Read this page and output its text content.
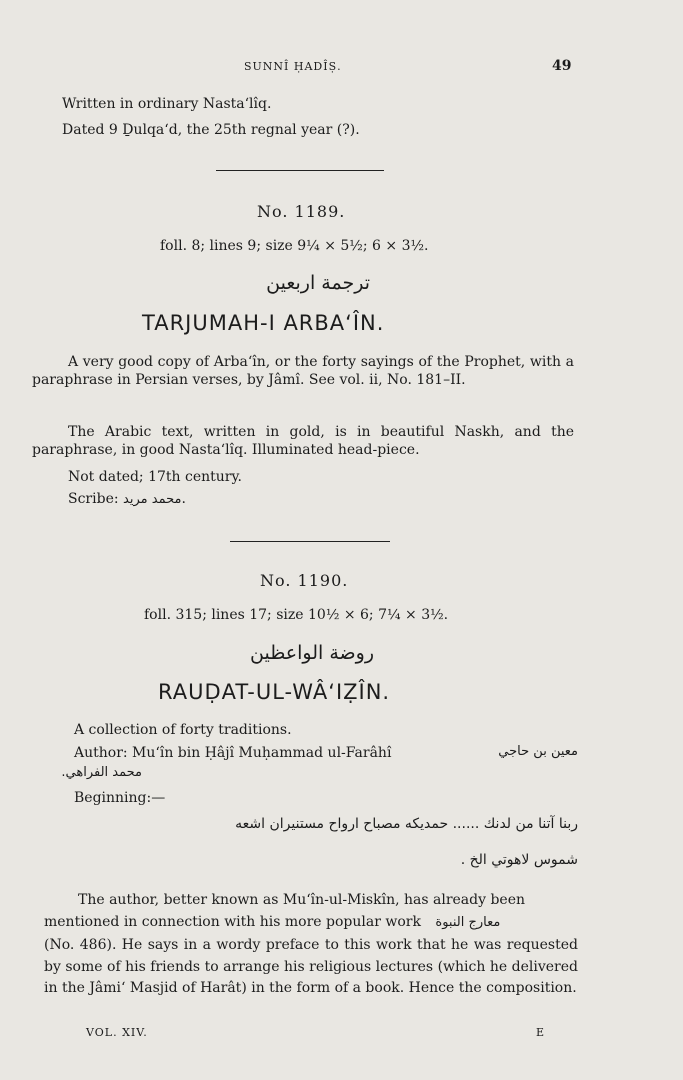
SUNNÎ ḤADÎṢ.	49
Written in ordinary Nasta‘lîq.
Dated 9 Ḏulqa‘d, the 25th regnal year (?).
No. 1189.
foll. 8; lines 9; size 9¼ × 5½; 6 × 3½.
ترجمة اربعين
TARJUMAH-I ARBA‘ÎN.
A very good copy of Arba‘în, or the forty sayings of the Prophet, with a paraphrase in Persian verses, by Jâmî. See vol. ii, No. 181–II.
The Arabic text, written in gold, is in beautiful Naskh, and the paraphrase, in good Nasta‘lîq. Illuminated head-piece.
Not dated; 17th century.
Scribe: محمد مريد.
No. 1190.
foll. 315; lines 17; size 10½ × 6; 7¼ × 3½.
روضة الواعظين
RAUḌAT-UL-WÂ‘IẒÎN.
A collection of forty traditions.
Author: Mu‘în bin Ḥâjî Muḥammad ul-Farâhî	معين بن حاجي
محمد الفراهي.
Beginning:—
ربنا آتنا من لدنك ...... حمديكه مصباح ارواح مستنيران اشعه
شموس لاهوتي الخ .
The author, better known as Mu‘în-ul-Miskîn, has already been
mentioned in connection with his more popular work معارج النبوة
(No. 486). He says in a wordy preface to this work that he was requested by some of his friends to arrange his religious lectures (which he delivered in the Jâmi‘ Masjid of Harât) in the form of a book. Hence the composition.
VOL. XIV.	E
